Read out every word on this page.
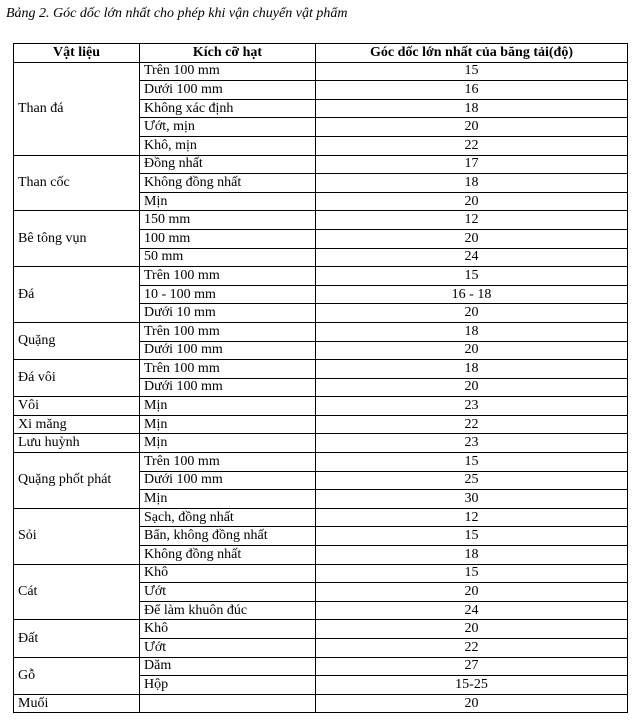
Bảng 2. Góc dốc lớn nhất cho phép khi vận chuyển vật phẩm
Vật liệu	Kích cỡ hạt	Góc dốc lớn nhất của băng tải(độ)
Than đá	Trên 100 mm	15
	Dưới 100 mm	16
	Không xác định	18
	Ướt, mịn	20
	Khô, mịn	22
Than cốc	Đồng nhất	17
	Không đồng nhất	18
	Mịn	20
Bê tông vụn	150 mm	12
	100 mm	20
	50 mm	24
Đá	Trên 100 mm	15
	10 - 100 mm	16 - 18
	Dưới 10 mm	20
Quặng	Trên 100 mm	18
	Dưới 100 mm	20
Đá vôi	Trên 100 mm	18
	Dưới 100 mm	20
Vôi	Mịn	23
Xi măng	Mịn	22
Lưu huỳnh	Mịn	23
Quặng phốt phát	Trên 100 mm	15
	Dưới 100 mm	25
	Mịn	30
Sỏi	Sạch, đồng nhất	12
	Bẩn, không đồng nhất	15
	Không đồng nhất	18
Cát	Khô	15
	Ướt	20
	Để làm khuôn đúc	24
Đất	Khô	20
	Ướt	22
Gỗ	Dăm	27
	Hộp	15-25
Muối		20
